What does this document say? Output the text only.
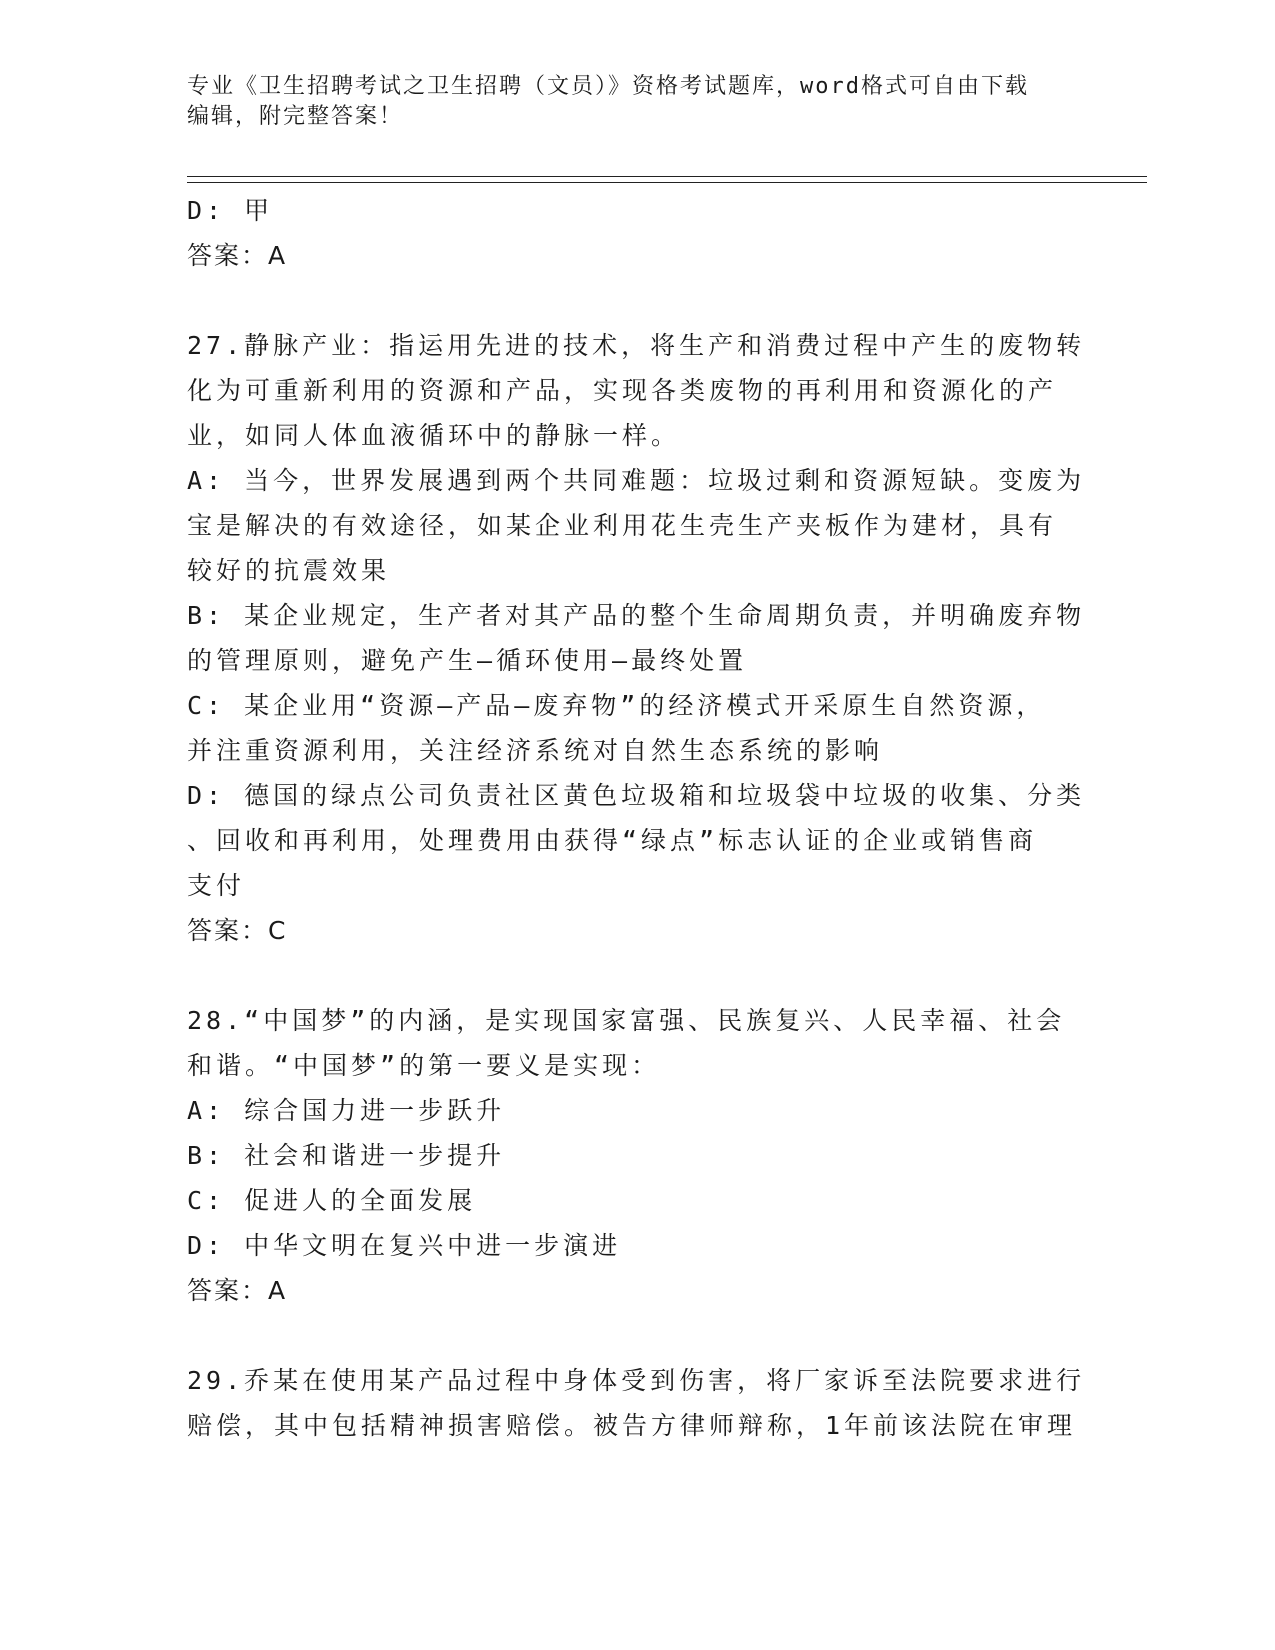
专业《卫生招聘考试之卫生招聘（文员）》资格考试题库，word格式可自由下载

编辑，附完整答案！

D: 甲

答案：A

27.静脉产业：指运用先进的技术，将生产和消费过程中产生的废物转

化为可重新利用的资源和产品，实现各类废物的再利用和资源化的产

业，如同人体血液循环中的静脉一样。

A: 当今，世界发展遇到两个共同难题：垃圾过剩和资源短缺。变废为

宝是解决的有效途径，如某企业利用花生壳生产夹板作为建材，具有

较好的抗震效果

B: 某企业规定，生产者对其产品的整个生命周期负责，并明确废弃物

的管理原则，避免产生—循环使用—最终处置

C: 某企业用“资源—产品—废弃物”的经济模式开采原生自然资源，

并注重资源利用，关注经济系统对自然生态系统的影响

D: 德国的绿点公司负责社区黄色垃圾箱和垃圾袋中垃圾的收集、分类

、回收和再利用，处理费用由获得“绿点”标志认证的企业或销售商

支付

答案：C

28.“中国梦”的内涵，是实现国家富强、民族复兴、人民幸福、社会

和谐。“中国梦”的第一要义是实现：

A: 综合国力进一步跃升

B: 社会和谐进一步提升

C: 促进人的全面发展

D: 中华文明在复兴中进一步演进

答案：A

29.乔某在使用某产品过程中身体受到伤害，将厂家诉至法院要求进行

赔偿，其中包括精神损害赔偿。被告方律师辩称，1年前该法院在审理
